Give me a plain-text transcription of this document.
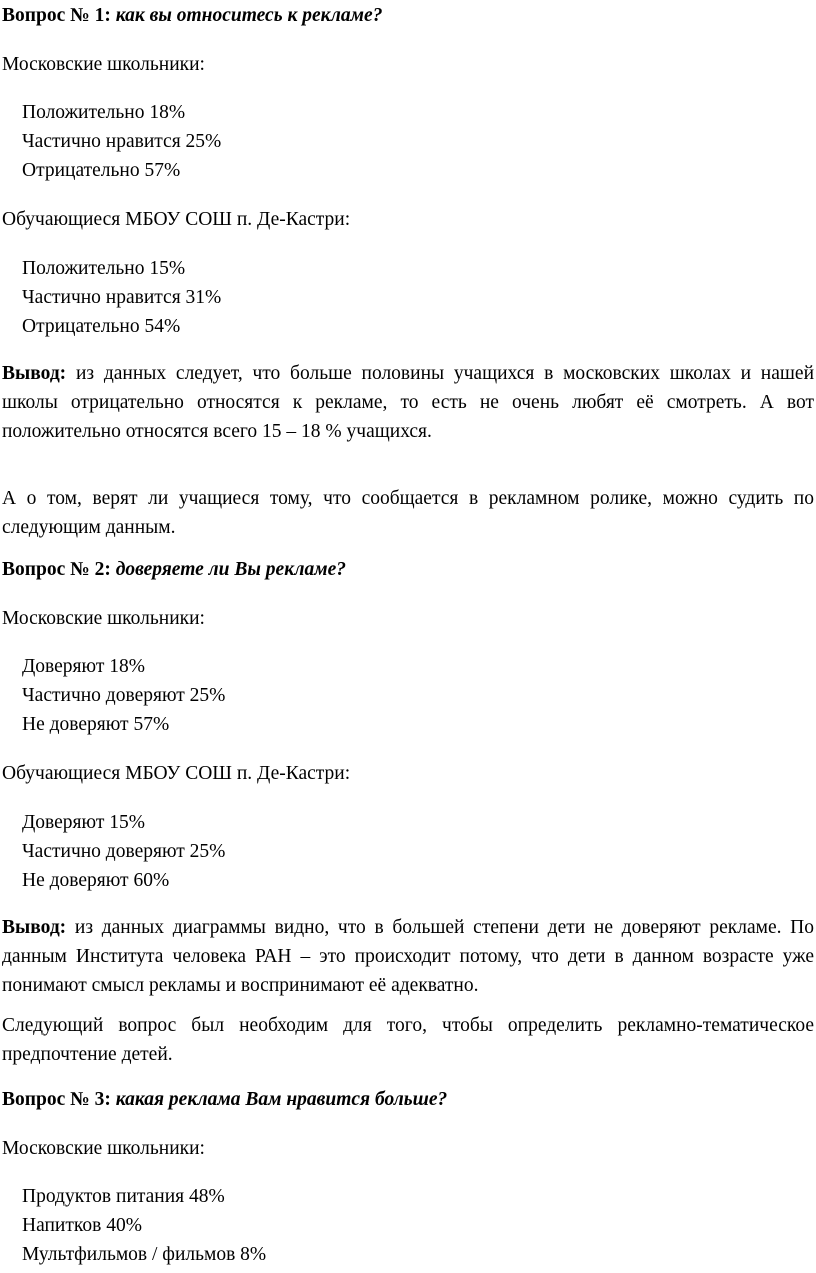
Вопрос № 1: как вы относитесь к рекламе?
Московские школьники:
Положительно 18%
Частично нравится 25%
Отрицательно 57%
Обучающиеся МБОУ СОШ п. Де-Кастри:
Положительно 15%
Частично нравится 31%
Отрицательно 54%
Вывод: из данных следует, что больше половины учащихся в московских школах и нашей школы отрицательно относятся к рекламе, то есть не очень любят её смотреть. А вот положительно относятся всего 15 – 18 % учащихся.
А о том, верят ли учащиеся тому, что сообщается в рекламном ролике, можно судить по следующим данным.
Вопрос № 2: доверяете ли Вы рекламе?
Московские школьники:
Доверяют 18%
Частично доверяют 25%
Не доверяют 57%
Обучающиеся МБОУ СОШ п. Де-Кастри:
Доверяют 15%
Частично доверяют 25%
Не доверяют 60%
Вывод: из данных диаграммы видно, что в большей степени дети не доверяют рекламе. По данным Института человека РАН – это происходит потому, что дети в данном возрасте уже понимают смысл рекламы и воспринимают её адекватно.
Следующий вопрос был необходим для того, чтобы определить рекламно-тематическое предпочтение детей.
Вопрос № 3: какая реклама Вам нравится больше?
Московские школьники:
Продуктов питания 48%
Напитков 40%
Мультфильмов / фильмов 8%
